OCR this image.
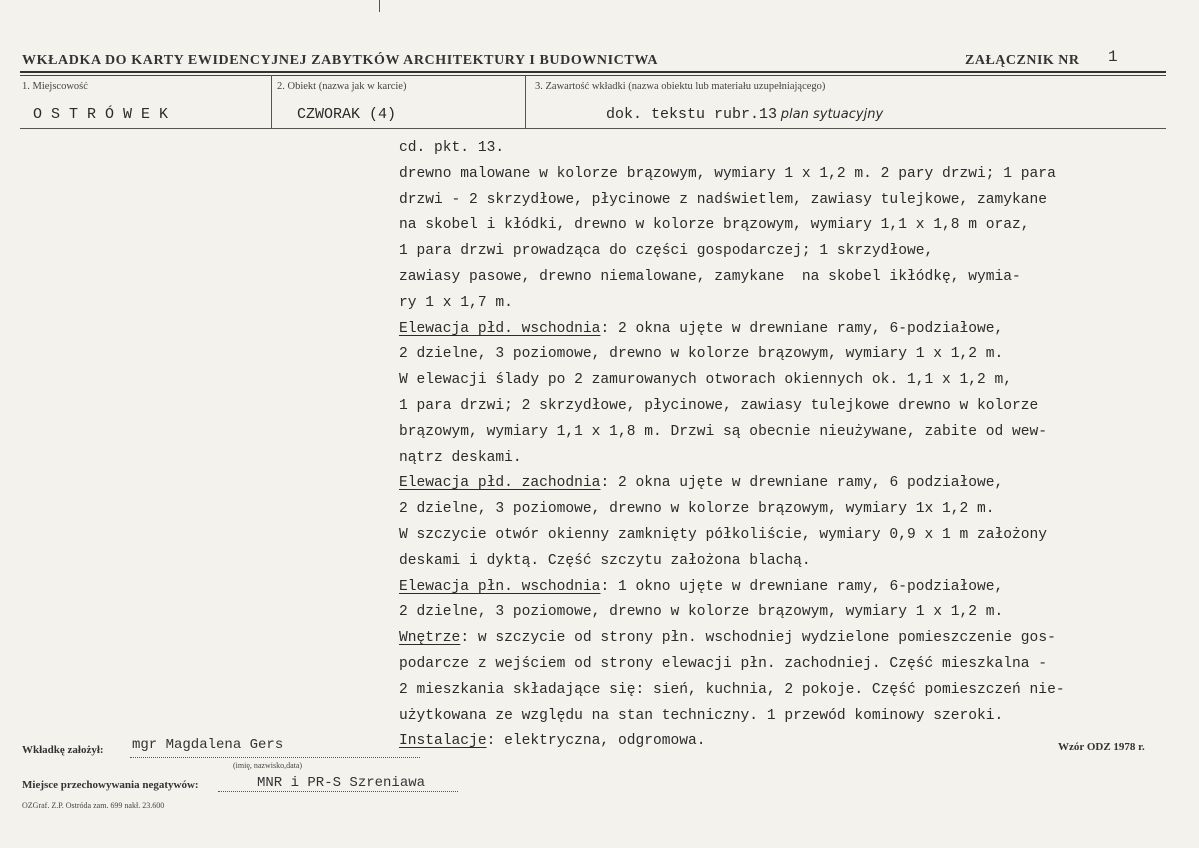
WKŁADKA DO KARTY EWIDENCYJNEJ ZABYTKÓW ARCHITEKTURY I BUDOWNICTWA	ZAŁĄCZNIK NR 1
1. Miejscowość
OSTRÓWEK
2. Obiekt (nazwa jak w karcie)
CZWORAK (4)
3. Zawartość wkładki (nazwa obiektu lub materiału uzupełniającego)
dok. tekstu rubr.13 plan sytuacyjny
cd. pkt. 13.
drewno malowane w kolorze brązowym, wymiary 1 x 1,2 m. 2 pary drzwi; 1 para
drzwi - 2 skrzydłowe, płycinowe z nadświetlem, zawiasy tulejkowe, zamykane
na skobel i kłódki, drewno w kolorze brązowym, wymiary 1,1 x 1,8 m oraz,
1 para drzwi prowadząca do części gospodarczej; 1 skrzydłowe,
zawiasy pasowe, drewno niemalowane, zamykane  na skobel ikłódkę, wymia-
ry 1 x 1,7 m.
Elewacja płd. wschodnia: 2 okna ujęte w drewniane ramy, 6-podziałowe,
2 dzielne, 3 poziomowe, drewno w kolorze brązowym, wymiary 1 x 1,2 m.
W elewacji ślady po 2 zamurowanych otworach okiennych ok. 1,1 x 1,2 m,
1 para drzwi; 2 skrzydłowe, płycinowe, zawiasy tulejkowe drewno w kolorze
brązowym, wymiary 1,1 x 1,8 m. Drzwi są obecnie nieużywane, zabite od wew-
nątrz deskami.
Elewacja płd. zachodnia: 2 okna ujęte w drewniane ramy, 6 podziałowe,
2 dzielne, 3 poziomowe, drewno w kolorze brązowym, wymiary 1x 1,2 m.
W szczycie otwór okienny zamknięty półkoliście, wymiary 0,9 x 1 m założony
deskami i dyktą. Część szczytu założona blachą.
Elewacja płn. wschodnia: 1 okno ujęte w drewniane ramy, 6-podziałowe,
2 dzielne, 3 poziomowe, drewno w kolorze brązowym, wymiary 1 x 1,2 m.
Wnętrze: w szczycie od strony płn. wschodniej wydzielone pomieszczenie gos-
podarcze z wejściem od strony elewacji płn. zachodniej. Część mieszkalna -
2 mieszkania składające się: sień, kuchnia, 2 pokoje. Część pomieszczeń nie-
użytkowana ze względu na stan techniczny. 1 przewód kominowy szeroki.
Instalacje: elektryczna, odgromowa.
Wkładkę założył: mgr Magdalena Gers
(imię, nazwisko,data)
Miejsce przechowywania negatywów:	MNR i PR-S Szreniawa
OZGraf. Z.P. Ostróda zam. 699 nakł. 23.600
Wzór ODZ 1978 r.
